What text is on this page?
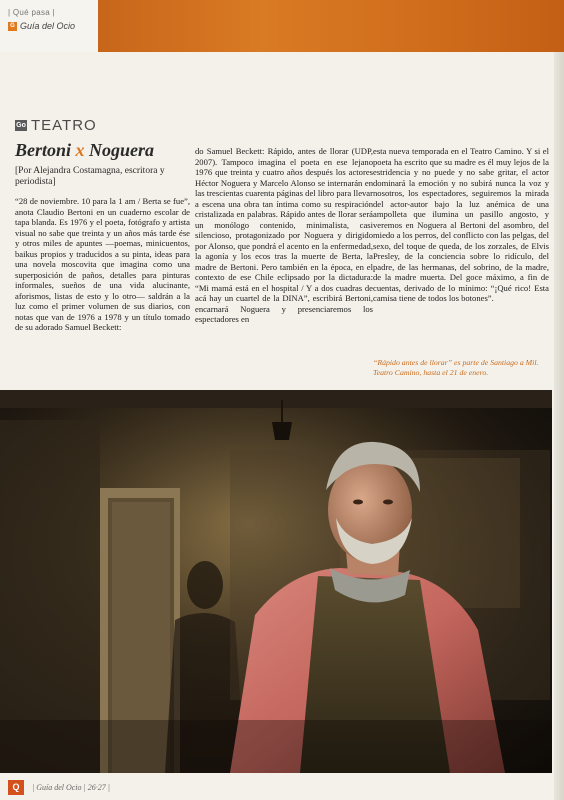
| Qué pasa |
G Guía del Ocio
Go TEATRO
Bertoni x Noguera
[Por Alejandra Costamagna, escritora y periodista]
“28 de noviembre. 10 para la 1 am / Berta se fue”, anota Claudio Bertoni en un cuaderno escolar de tapa blanda. Es 1976 y el poeta, fotógrafo y artista visual no sabe que treinta y un años más tarde ése y otros miles de apuntes —poemas, minicuentos, baikus propios y traducidos a su pinta, ideas para una novela moscovita que imagina como una superposición de paños, detalles para pinturas informales, sueños de una vida alucinante, aforismos, listas de esto y lo otro— saldrán a la luz como el primer volumen de sus diarios, con notas que van de 1976 a 1978 y un título tomado de su adorado Samuel Beckett:
do Samuel Beckett: Rápido, antes de llorar (UDP, 2007). Tampoco imagina el poeta en ese lejano 1976 que treinta y cuatro años después los actores Héctor Noguera y Marcelo Alonso se internarán en las trescientas cuarenta páginas del libro para llevar a escena una obra tan íntima como su respiración cristalizada en palabras. Rápido antes de llorar será un monólogo contenido, minimalista, casi silencioso, protagonizado por Noguera y dirigido por Alonso, que pondrá el acento en la enfermedad, la agonía y los ecos tras la muerte de Berta, la madre de Bertoni. Pero también en la época, en el contexto de ese Chile eclipsado por la dictadura: “Mi mamá está en el hospital / Y a dos cuadras de acá hay un cuartel de la DINA”, escribirá Bertoni, encarnará Noguera y presenciaremos los espectadores en
esta nueva temporada en el Teatro Camino. Y si el poeta ha escrito que su madre es él muy lejos de la estridencia y no puede y no sabe gritar, el actor dominará la emoción y no subirá nunca la voz y nosotros, los espectadores, seguiremos la mirada del actor-autor bajo la luz anémica de una ampolleta que ilumina un pasillo angosto, y veremos en Noguera al Bertoni del asombro, del miedo a los perros, del conflicto con las pelgas, del sexo, del toque de queda, de los zorzales, de Elvis Presley, de la conciencia sobre lo ridículo, del padre, de las hermanas, del sobrino, de la madre, de la madre muerta. Del goce máximo, a fin de cuentas, derivado de lo mínimo: “¡Qué rico! Esta camisa tiene de todos los botones”.
“Rápido antes de llorar” es parte de Santiago a Mil. Teatro Camino, hasta el 21 de enero.
Q	| Guía del Ocio | 26·27 |
